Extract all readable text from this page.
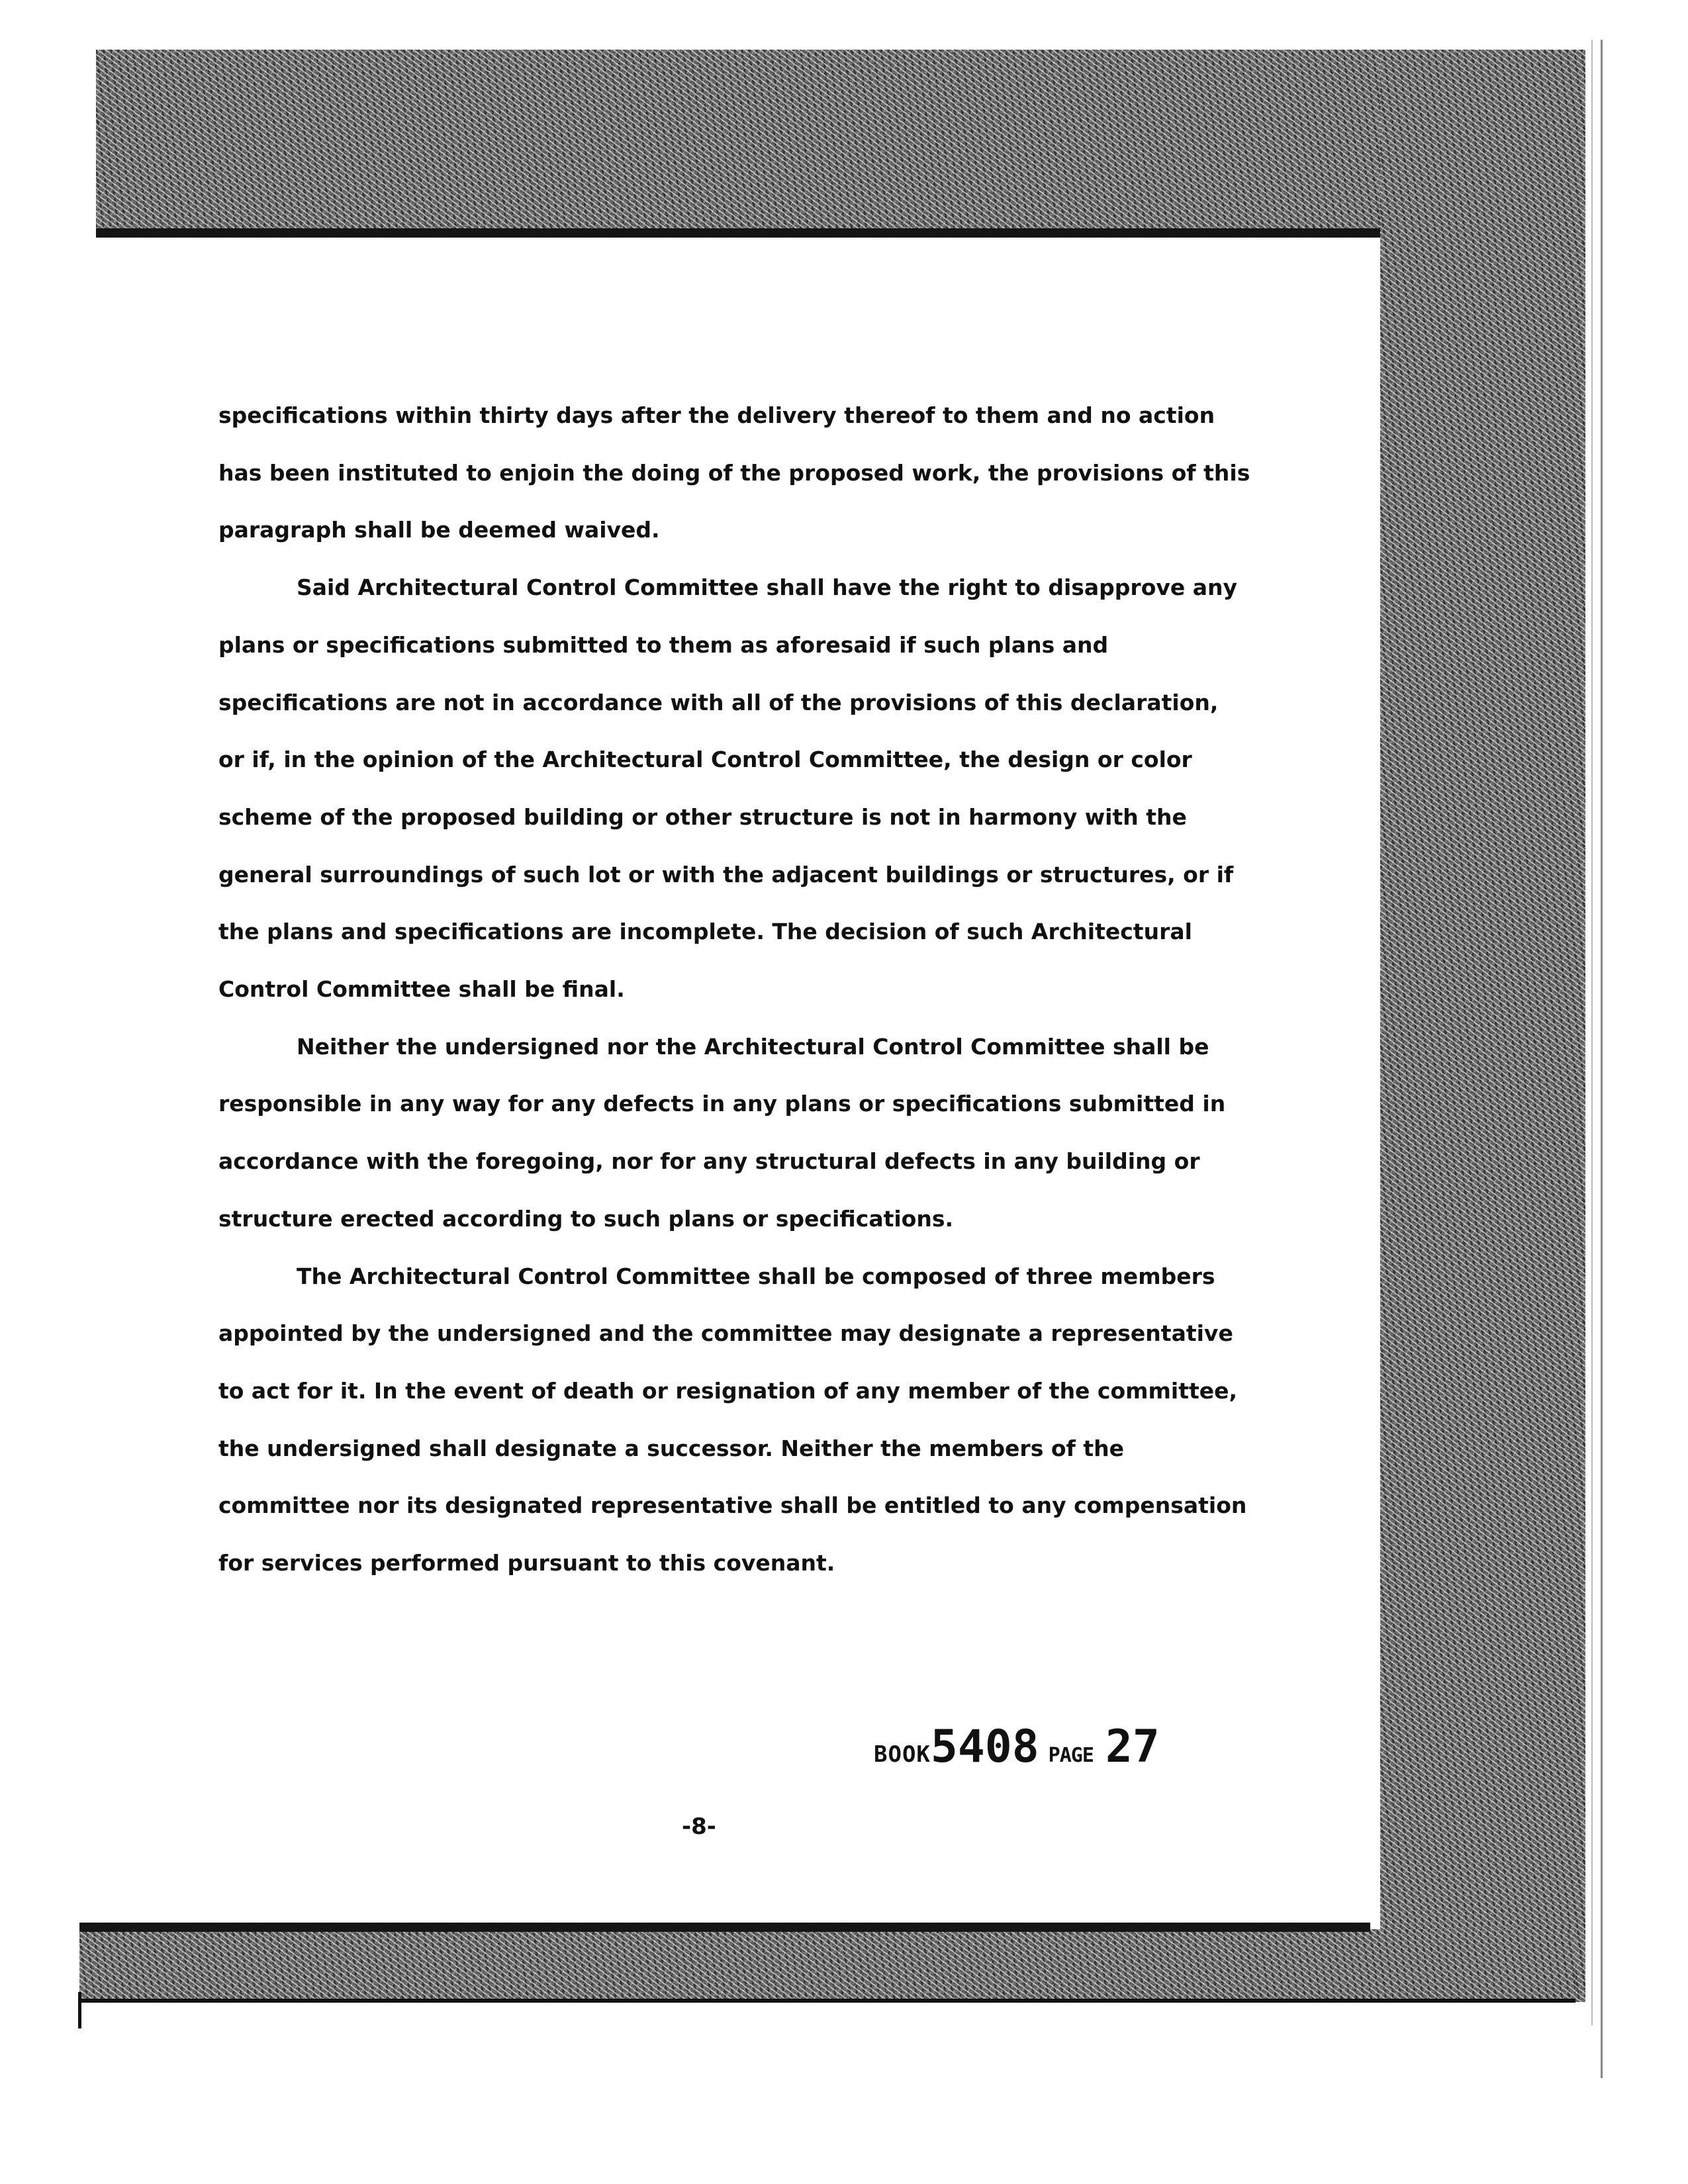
specifications within thirty days after the delivery thereof to them and no action has been instituted to enjoin the doing of the proposed work, the provisions of this paragraph shall be deemed waived.

Said Architectural Control Committee shall have the right to disapprove any plans or specifications submitted to them as aforesaid if such plans and specifications are not in accordance with all of the provisions of this declaration, or if, in the opinion of the Architectural Control Committee, the design or color scheme of the proposed building or other structure is not in harmony with the general surroundings of such lot or with the adjacent buildings or structures, or if the plans and specifications are incomplete. The decision of such Architectural Control Committee shall be final.

Neither the undersigned nor the Architectural Control Committee shall be responsible in any way for any defects in any plans or specifications submitted in accordance with the foregoing, nor for any structural defects in any building or structure erected according to such plans or specifications.

The Architectural Control Committee shall be composed of three members appointed by the undersigned and the committee may designate a representative to act for it. In the event of death or resignation of any member of the committee, the undersigned shall designate a successor. Neither the members of the committee nor its designated representative shall be entitled to any compensation for services performed pursuant to this covenant.

BOOK5408 PAGE 27
-8-
